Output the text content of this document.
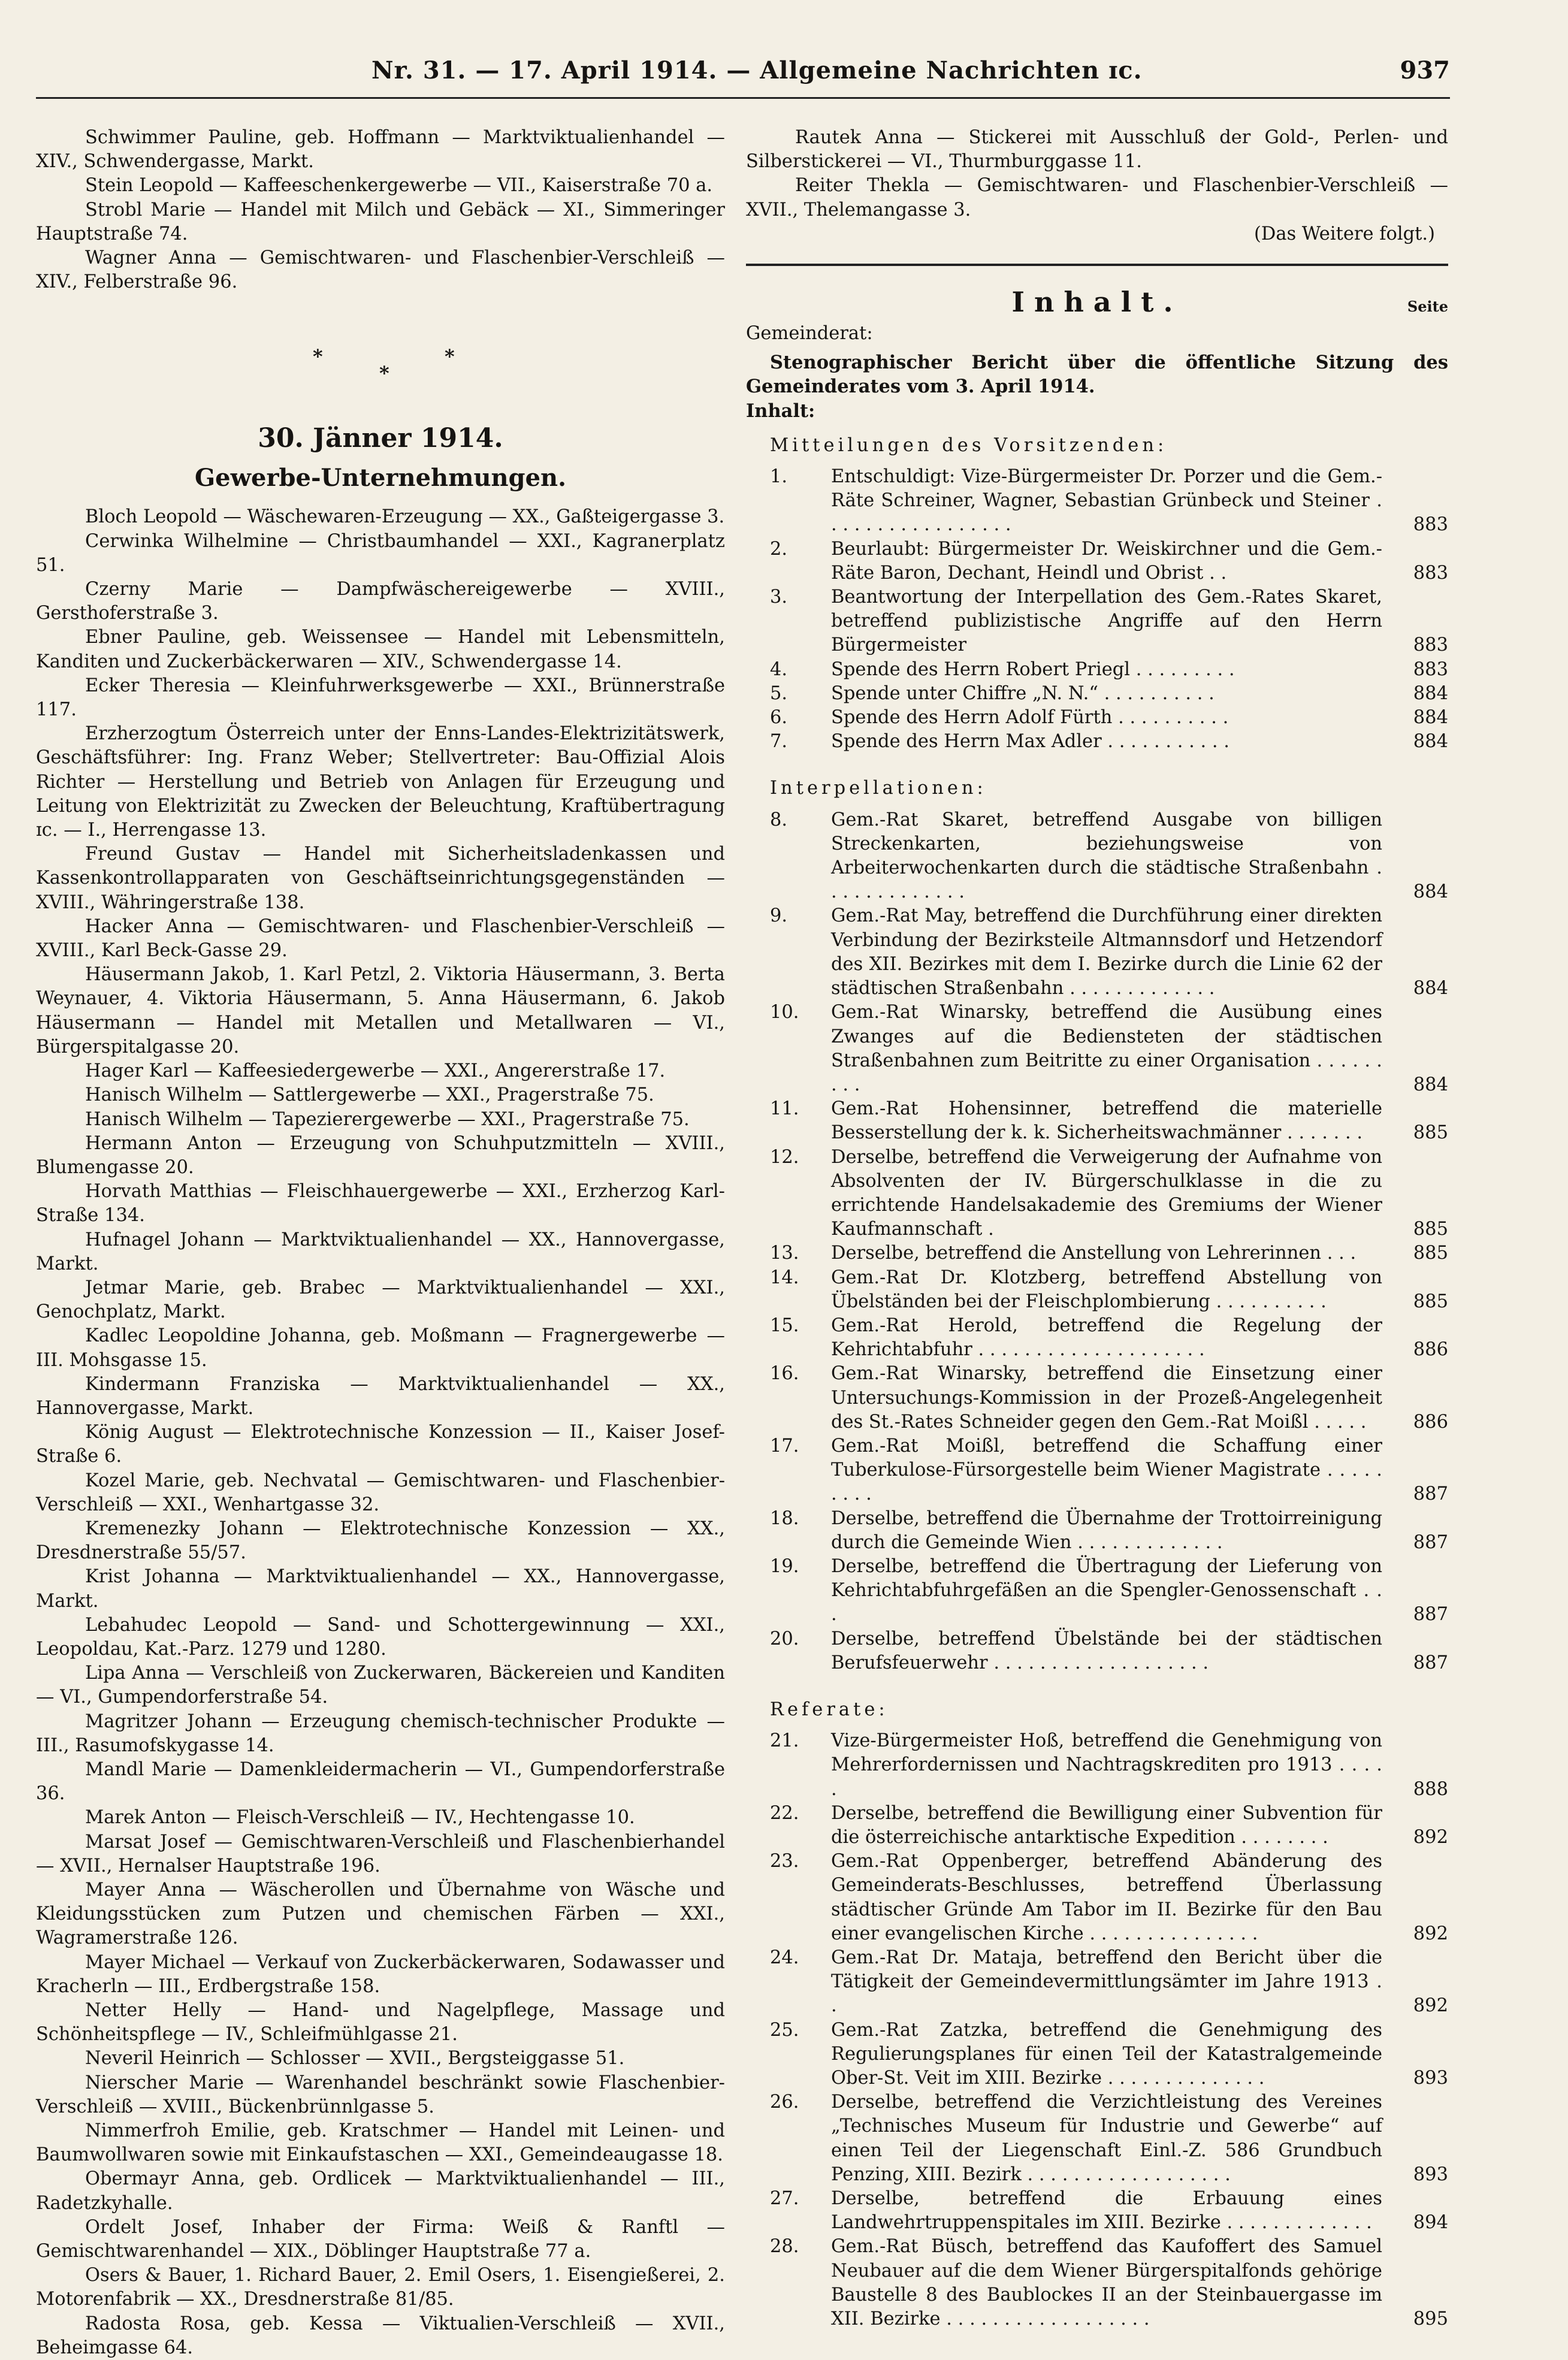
Nr. 31. — 17. April 1914. — Allgemeine Nachrichten ɪc.	937

Schwimmer Pauline, geb. Hoffmann — Marktviktualienhandel — XIV., Schwendergasse, Markt.

Stein Leopold — Kaffeeschenkergewerbe — VII., Kaiserstraße 70 a.

Strobl Marie — Handel mit Milch und Gebäck — XI., Simmeringer Hauptstraße 74.

Wagner Anna — Gemischtwaren- und Flaschenbier-Verschleiß — XIV., Felberstraße 96.

*
*
*
30. Jänner 1914.
Gewerbe-Unternehmungen.

Bloch Leopold — Wäschewaren-Erzeugung — XX., Gaßteigergasse 3.

Cerwinka Wilhelmine — Christbaumhandel — XXI., Kagranerplatz 51.

Czerny Marie — Dampfwäschereigewerbe — XVIII., Gersthoferstraße 3.

Ebner Pauline, geb. Weissensee — Handel mit Lebensmitteln, Kanditen und Zuckerbäckerwaren — XIV., Schwendergasse 14.

Ecker Theresia — Kleinfuhrwerksgewerbe — XXI., Brünnerstraße 117.

Erzherzogtum Österreich unter der Enns-Landes-Elektrizitätswerk, Geschäftsführer: Ing. Franz Weber; Stellvertreter: Bau-Offizial Alois Richter — Herstellung und Betrieb von Anlagen für Erzeugung und Leitung von Elektrizität zu Zwecken der Beleuchtung, Kraftübertragung ɪc. — I., Herrengasse 13.

Freund Gustav — Handel mit Sicherheitsladenkassen und Kassenkontrollapparaten von Geschäftseinrichtungsgegenständen — XVIII., Währingerstraße 138.

Hacker Anna — Gemischtwaren- und Flaschenbier-Verschleiß — XVIII., Karl Beck-Gasse 29.

Häusermann Jakob, 1. Karl Petzl, 2. Viktoria Häusermann, 3. Berta Weynauer, 4. Viktoria Häusermann, 5. Anna Häusermann, 6. Jakob Häusermann — Handel mit Metallen und Metallwaren — VI., Bürgerspitalgasse 20.

Hager Karl — Kaffeesiedergewerbe — XXI., Angererstraße 17.

Hanisch Wilhelm — Sattlergewerbe — XXI., Pragerstraße 75.

Hanisch Wilhelm — Tapezierergewerbe — XXI., Pragerstraße 75.

Hermann Anton — Erzeugung von Schuhputzmitteln — XVIII., Blumengasse 20.

Horvath Matthias — Fleischhauergewerbe — XXI., Erzherzog Karl-Straße 134.

Hufnagel Johann — Marktviktualienhandel — XX., Hannovergasse, Markt.

Jetmar Marie, geb. Brabec — Marktviktualienhandel — XXI., Genochplatz, Markt.

Kadlec Leopoldine Johanna, geb. Moßmann — Fragnergewerbe — III. Mohsgasse 15.

Kindermann Franziska — Marktviktualienhandel — XX., Hannovergasse, Markt.

König August — Elektrotechnische Konzession — II., Kaiser Josef-Straße 6.

Kozel Marie, geb. Nechvatal — Gemischtwaren- und Flaschenbier-Verschleiß — XXI., Wenhartgasse 32.

Kremenezky Johann — Elektrotechnische Konzession — XX., Dresdnerstraße 55/57.

Krist Johanna — Marktviktualienhandel — XX., Hannovergasse, Markt.

Lebahudec Leopold — Sand- und Schottergewinnung — XXI., Leopoldau, Kat.-Parz. 1279 und 1280.

Lipa Anna — Verschleiß von Zuckerwaren, Bäckereien und Kanditen — VI., Gumpendorferstraße 54.

Magritzer Johann — Erzeugung chemisch-technischer Produkte — III., Rasumofskygasse 14.

Mandl Marie — Damenkleidermacherin — VI., Gumpendorferstraße 36.

Marek Anton — Fleisch-Verschleiß — IV., Hechtengasse 10.

Marsat Josef — Gemischtwaren-Verschleiß und Flaschenbierhandel — XVII., Hernalser Hauptstraße 196.

Mayer Anna — Wäscherollen und Übernahme von Wäsche und Kleidungsstücken zum Putzen und chemischen Färben — XXI., Wagramerstraße 126.

Mayer Michael — Verkauf von Zuckerbäckerwaren, Sodawasser und Kracherln — III., Erdbergstraße 158.

Netter Helly — Hand- und Nagelpflege, Massage und Schönheitspflege — IV., Schleifmühlgasse 21.

Neveril Heinrich — Schlosser — XVII., Bergsteiggasse 51.

Nierscher Marie — Warenhandel beschränkt sowie Flaschenbier-Verschleiß — XVIII., Bückenbrünnlgasse 5.

Nimmerfroh Emilie, geb. Kratschmer — Handel mit Leinen- und Baumwollwaren sowie mit Einkaufstaschen — XXI., Gemeindeaugasse 18.

Obermayr Anna, geb. Ordlicek — Marktviktualienhandel — III., Radetzkyhalle.

Ordelt Josef, Inhaber der Firma: Weiß & Ranftl — Gemischtwarenhandel — XIX., Döblinger Hauptstraße 77 a.

Osers & Bauer, 1. Richard Bauer, 2. Emil Osers, 1. Eisengießerei, 2. Motorenfabrik — XX., Dresdnerstraße 81/85.

Radosta Rosa, geb. Kessa — Viktualien-Verschleiß — XVII., Beheimgasse 64.

Rautek Anna — Stickerei mit Ausschluß der Gold-, Perlen- und Silberstickerei — VI., Thurmburggasse 11.

Reiter Thekla — Gemischtwaren- und Flaschenbier-Verschleiß — XVII., Thelemangasse 3.

(Das Weitere folgt.)

Inhalt.	Seite

Gemeinderat:

Stenographischer Bericht über die öffentliche Sitzung des Gemeinderates vom 3. April 1914.

Inhalt:

Mitteilungen des Vorsitzenden:

1.	Entschuldigt: Vize-Bürgermeister Dr. Porzer und die Gem.-Räte Schreiner, Wagner, Sebastian Grünbeck und Steiner . . . . . . . . . . . . . . . . .	883
2.	Beurlaubt: Bürgermeister Dr. Weiskirchner und die Gem.-Räte Baron, Dechant, Heindl und Obrist . .	883
3.	Beantwortung der Interpellation des Gem.-Rates Skaret, betreffend publizistische Angriffe auf den Herrn Bürgermeister	883
4.	Spende des Herrn Robert Priegl . . . . . . . . .	883
5.	Spende unter Chiffre „N. N.“ . . . . . . . . . .	884
6.	Spende des Herrn Adolf Fürth . . . . . . . . . .	884
7.	Spende des Herrn Max Adler . . . . . . . . . . .	884

Interpellationen:

8.	Gem.-Rat Skaret, betreffend Ausgabe von billigen Streckenkarten, beziehungsweise von Arbeiterwochenkarten durch die städtische Straßenbahn . . . . . . . . . . . . .	884
9.	Gem.-Rat May, betreffend die Durchführung einer direkten Verbindung der Bezirksteile Altmannsdorf und Hetzendorf des XII. Bezirkes mit dem I. Bezirke durch die Linie 62 der städtischen Straßenbahn . . . . . . . . . . . . .	884
10.	Gem.-Rat Winarsky, betreffend die Ausübung eines Zwanges auf die Bediensteten der städtischen Straßenbahnen zum Beitritte zu einer Organisation . . . . . . . . .	884
11.	Gem.-Rat Hohensinner, betreffend die materielle Besserstellung der k. k. Sicherheitswachmänner . . . . . . .	885
12.	Derselbe, betreffend die Verweigerung der Aufnahme von Absolventen der IV. Bürgerschulklasse in die zu errichtende Handelsakademie des Gremiums der Wiener Kaufmannschaft .	885
13.	Derselbe, betreffend die Anstellung von Lehrerinnen . . .	885
14.	Gem.-Rat Dr. Klotzberg, betreffend Abstellung von Übelständen bei der Fleischplombierung . . . . . . . . . .	885
15.	Gem.-Rat Herold, betreffend die Regelung der Kehrichtabfuhr . . . . . . . . . . . . . . . . . . . .	886
16.	Gem.-Rat Winarsky, betreffend die Einsetzung einer Untersuchungs-Kommission in der Prozeß-Angelegenheit des St.-Rates Schneider gegen den Gem.-Rat Moißl . . . . .	886
17.	Gem.-Rat Moißl, betreffend die Schaffung einer Tuberkulose-Fürsorgestelle beim Wiener Magistrate . . . . . . . . .	887
18.	Derselbe, betreffend die Übernahme der Trottoirreinigung durch die Gemeinde Wien . . . . . . . . . . . . .	887
19.	Derselbe, betreffend die Übertragung der Lieferung von Kehrichtabfuhrgefäßen an die Spengler-Genossenschaft . . .	887
20.	Derselbe, betreffend Übelstände bei der städtischen Berufsfeuerwehr . . . . . . . . . . . . . . . . . . .	887

Referate:

21.	Vize-Bürgermeister Hoß, betreffend die Genehmigung von Mehrerfordernissen und Nachtragskrediten pro 1913 . . . . .	888
22.	Derselbe, betreffend die Bewilligung einer Subvention für die österreichische antarktische Expedition . . . . . . . .	892
23.	Gem.-Rat Oppenberger, betreffend Abänderung des Gemeinderats-Beschlusses, betreffend Überlassung städtischer Gründe Am Tabor im II. Bezirke für den Bau einer evangelischen Kirche . . . . . . . . . . . . . . .	892
24.	Gem.-Rat Dr. Mataja, betreffend den Bericht über die Tätigkeit der Gemeindevermittlungsämter im Jahre 1913 . .	892
25.	Gem.-Rat Zatzka, betreffend die Genehmigung des Regulierungsplanes für einen Teil der Katastralgemeinde Ober-St. Veit im XIII. Bezirke . . . . . . . . . . . . . .	893
26.	Derselbe, betreffend die Verzichtleistung des Vereines „Technisches Museum für Industrie und Gewerbe“ auf einen Teil der Liegenschaft Einl.-Z. 586 Grundbuch Penzing, XIII. Bezirk . . . . . . . . . . . . . . . . . .	893
27.	Derselbe, betreffend die Erbauung eines Landwehrtruppenspitales im XIII. Bezirke . . . . . . . . . . . . . 894
28.	Gem.-Rat Büsch, betreffend das Kaufoffert des Samuel Neubauer auf die dem Wiener Bürgerspitalfonds gehörige Baustelle 8 des Baublockes II an der Steinbauergasse im XII. Bezirke . . . . . . . . . . . . . . . . . .	895
